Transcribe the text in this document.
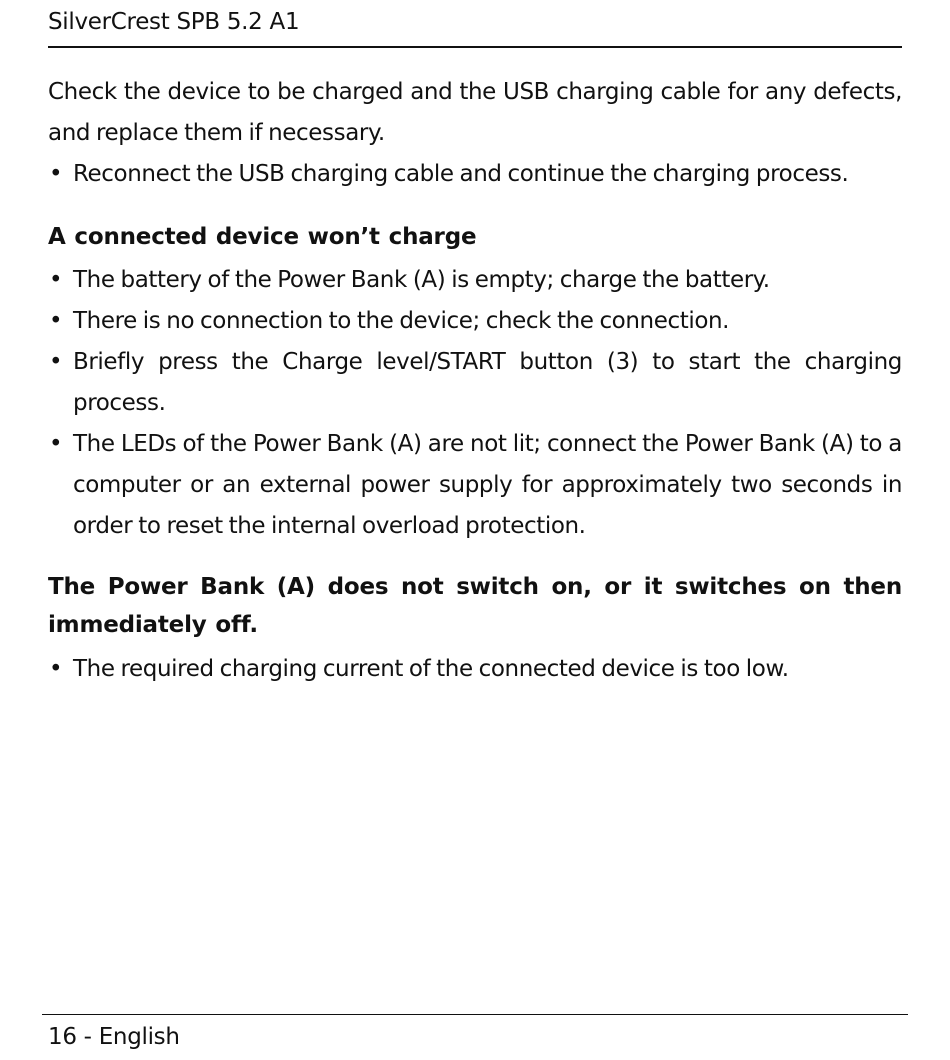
SilverCrest SPB 5.2 A1

Check the device to be charged and the USB charging cable for any defects, and replace them if necessary.

• Reconnect the USB charging cable and continue the charging process.
A connected device won’t charge
• The battery of the Power Bank (A) is empty; charge the battery.
• There is no connection to the device; check the connection.
• Briefly press the Charge level/START button (3) to start the charging process.
• The LEDs of the Power Bank (A) are not lit; connect the Power Bank (A) to a computer or an external power supply for approximately two seconds in order to reset the internal overload protection.
The Power Bank (A) does not switch on, or it switches on then immediately off.
• The required charging current of the connected device is too low.
16 - English
